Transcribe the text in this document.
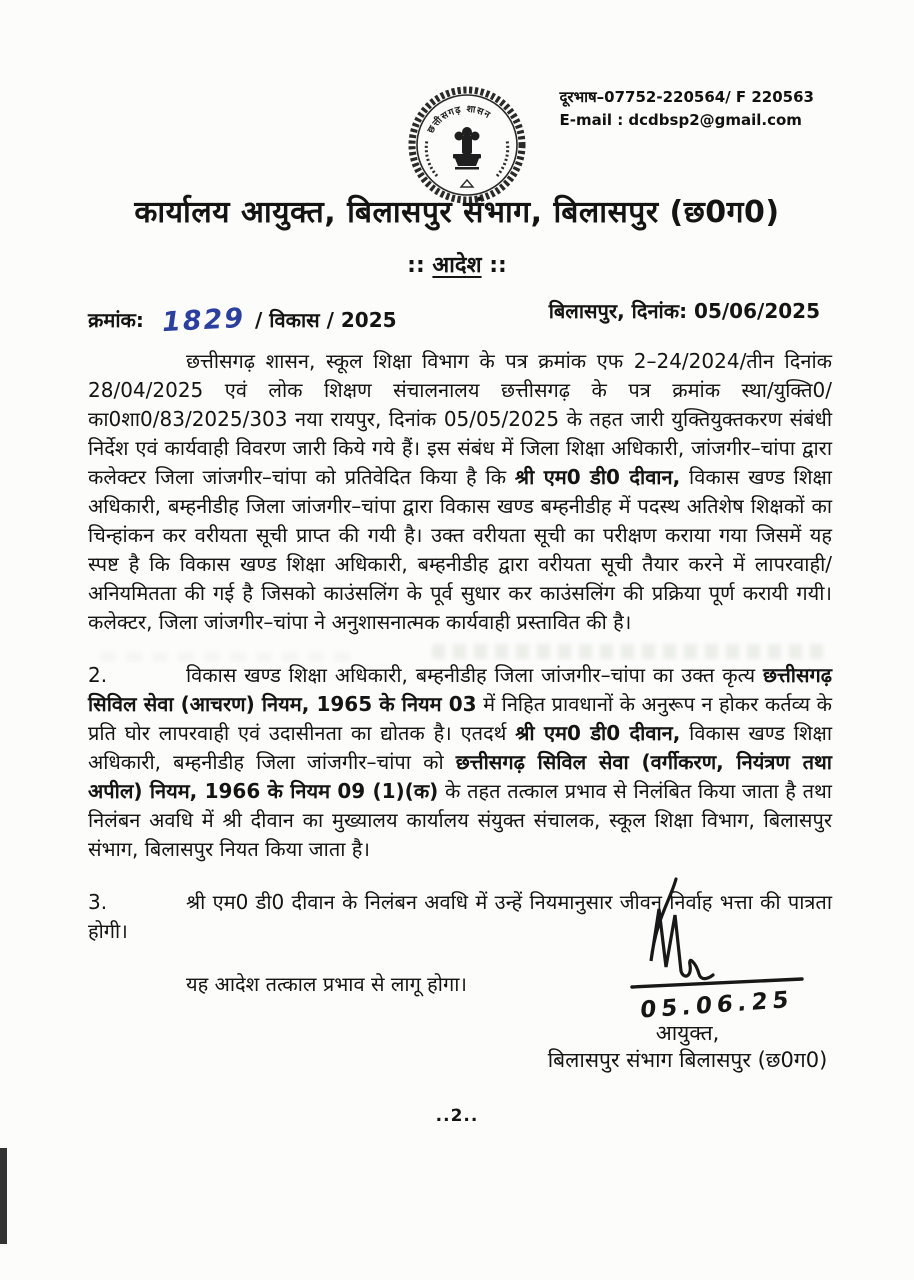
दूरभाष–07752-220564/ F 220563
E-mail : dcdbsp2@gmail.com
छत्तीसगढ़ शासन
कार्यालय आयुक्त, बिलासपुर संभाग, बिलासपुर (छ0ग0)
:: आदेश ::
क्रमांक: 1829 / विकास / 2025	बिलासपुर, दिनांक: 05/06/2025
छत्तीसगढ़ शासन, स्कूल शिक्षा विभाग के पत्र क्रमांक एफ 2–24/2024/तीन दिनांक 28/04/2025 एवं लोक शिक्षण संचालनालय छत्तीसगढ़ के पत्र क्रमांक स्था/युक्ति0/का0शा0/83/2025/303 नया रायपुर, दिनांक 05/05/2025 के तहत जारी युक्तियुक्तकरण संबंधी निर्देश एवं कार्यवाही विवरण जारी किये गये हैं। इस संबंध में जिला शिक्षा अधिकारी, जांजगीर–चांपा द्वारा कलेक्टर जिला जांजगीर–चांपा को प्रतिवेदित किया है कि श्री एम0 डी0 दीवान, विकास खण्ड शिक्षा अधिकारी, बम्हनीडीह जिला जांजगीर–चांपा द्वारा विकास खण्ड बम्हनीडीह में पदस्थ अतिशेष शिक्षकों का चिन्हांकन कर वरीयता सूची प्राप्त की गयी है। उक्त वरीयता सूची का परीक्षण कराया गया जिसमें यह स्पष्ट है कि विकास खण्ड शिक्षा अधिकारी, बम्हनीडीह द्वारा वरीयता सूची तैयार करने में लापरवाही/अनियमितता की गई है जिसको काउंसलिंग के पूर्व सुधार कर काउंसलिंग की प्रक्रिया पूर्ण करायी गयी। कलेक्टर, जिला जांजगीर–चांपा ने अनुशासनात्मक कार्यवाही प्रस्तावित की है।
2.	विकास खण्ड शिक्षा अधिकारी, बम्हनीडीह जिला जांजगीर–चांपा का उक्त कृत्य छत्तीसगढ़ सिविल सेवा (आचरण) नियम, 1965 के नियम 03 में निहित प्रावधानों के अनुरूप न होकर कर्तव्य के प्रति घोर लापरवाही एवं उदासीनता का द्योतक है। एतदर्थ श्री एम0 डी0 दीवान, विकास खण्ड शिक्षा अधिकारी, बम्हनीडीह जिला जांजगीर–चांपा को छत्तीसगढ़ सिविल सेवा (वर्गीकरण, नियंत्रण तथा अपील) नियम, 1966 के नियम 09 (1)(क) के तहत तत्काल प्रभाव से निलंबित किया जाता है तथा निलंबन अवधि में श्री दीवान का मुख्यालय कार्यालय संयुक्त संचालक, स्कूल शिक्षा विभाग, बिलासपुर संभाग, बिलासपुर नियत किया जाता है।
3.	श्री एम0 डी0 दीवान के निलंबन अवधि में उन्हें नियमानुसार जीवन निर्वाह भत्ता की पात्रता होगी।
यह आदेश तत्काल प्रभाव से लागू होगा।
05.06.25
आयुक्त,
बिलासपुर संभाग बिलासपुर (छ0ग0)
..2..
